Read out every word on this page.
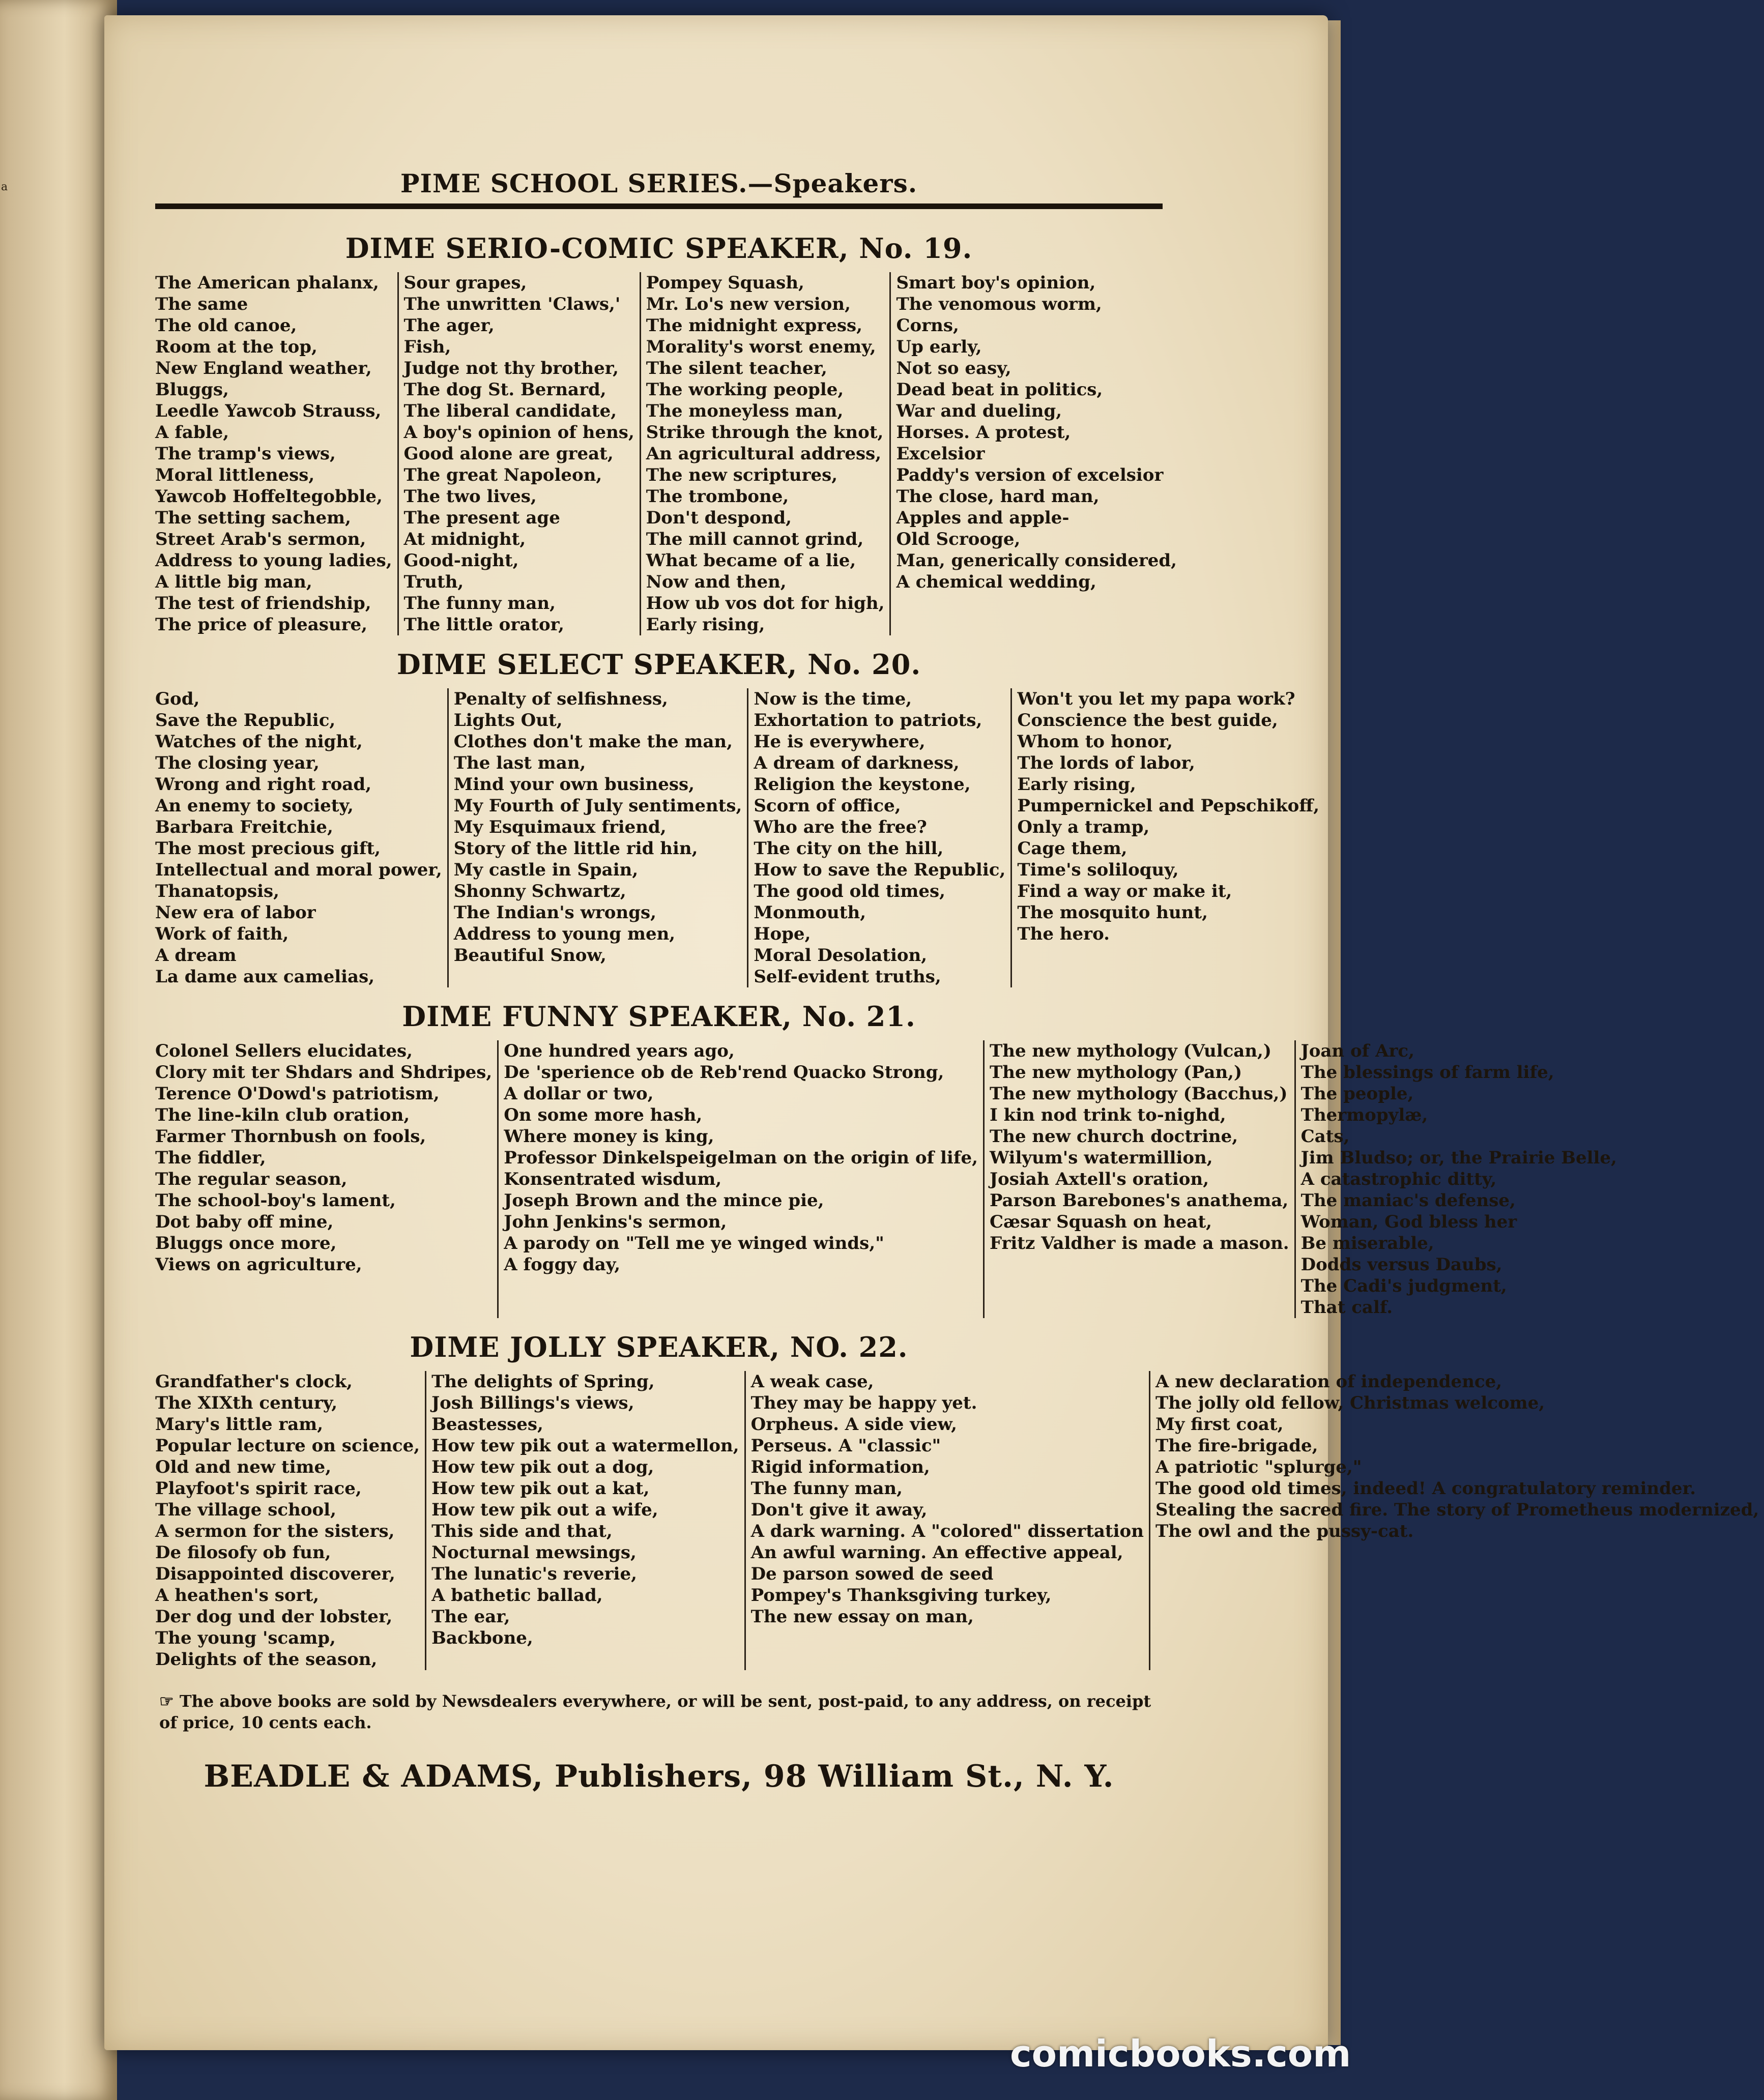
a	PIME SCHOOL SERIES.—Speakers.
DIME SERIO-COMIC SPEAKER, No. 19.
The American phalanx,
The same
The old canoe,
Room at the top,
New England weather,
Bluggs,
Leedle Yawcob Strauss,
A fable,
The tramp's views,
Moral littleness,
Yawcob Hoffeltegobble,
The setting sachem,
Street Arab's sermon,
Address to young ladies,
A little big man,
The test of friendship,
The price of pleasure,
Sour grapes,
The unwritten 'Claws,'
The ager,
Fish,
Judge not thy brother,
The dog St. Bernard,
The liberal candidate,
A boy's opinion of hens,
Good alone are great,
The great Napoleon,
The two lives,
The present age
At midnight,
Good-night,
Truth,
The funny man,
The little orator,
Pompey Squash,
Mr. Lo's new version,
The midnight express,
Morality's worst enemy,
The silent teacher,
The working people,
The moneyless man,
Strike through the knot,
An agricultural address,
The new scriptures,
The trombone,
Don't despond,
The mill cannot grind,
What became of a lie,
Now and then,
How ub vos dot for high,
Early rising,
Smart boy's opinion,
The venomous worm,
Corns,
Up early,
Not so easy,
Dead beat in politics,
War and dueling,
Horses. A protest,
Excelsior
Paddy's version of excelsior
The close, hard man,
Apples and apple-
Old Scrooge,
Man, generically considered,
A chemical wedding,
DIME SELECT SPEAKER, No. 20.
God,
Save the Republic,
Watches of the night,
The closing year,
Wrong and right road,
An enemy to society,
Barbara Freitchie,
The most precious gift,
Intellectual and moral power,
Thanatopsis,
New era of labor
Work of faith,
A dream
La dame aux camelias,
Penalty of selfishness,
Lights Out,
Clothes don't make the man,
The last man,
Mind your own business,
My Fourth of July sentiments,
My Esquimaux friend,
Story of the little rid hin,
My castle in Spain,
Shonny Schwartz,
The Indian's wrongs,
Address to young men,
Beautiful Snow,
Now is the time,
Exhortation to patriots,
He is everywhere,
A dream of darkness,
Religion the keystone,
Scorn of office,
Who are the free?
The city on the hill,
How to save the Republic,
The good old times,
Monmouth,
Hope,
Moral Desolation,
Self-evident truths,
Won't you let my papa work?
Conscience the best guide,
Whom to honor,
The lords of labor,
Early rising,
Pumpernickel and Pepschikoff,
Only a tramp,
Cage them,
Time's soliloquy,
Find a way or make it,
The mosquito hunt,
The hero.
DIME FUNNY SPEAKER, No. 21.
Colonel Sellers elucidates,
Clory mit ter Shdars and Shdripes,
Terence O'Dowd's patriotism,
The line-kiln club oration,
Farmer Thornbush on fools,
The fiddler,
The regular season,
The school-boy's lament,
Dot baby off mine,
Bluggs once more,
Views on agriculture,
One hundred years ago,
De 'sperience ob de Reb'rend Quacko Strong,
A dollar or two,
On some more hash,
Where money is king,
Professor Dinkelspeigelman on the origin of life,
Konsentrated wisdum,
Joseph Brown and the mince pie,
John Jenkins's sermon,
A parody on "Tell me ye winged winds,"
A foggy day,
The new mythology (Vulcan,)
The new mythology (Pan,)
The new mythology (Bacchus,)
I kin nod trink to-nighd,
The new church doctrine,
Wilyum's watermillion,
Josiah Axtell's oration,
Parson Barebones's anathema,
Cæsar Squash on heat,
Fritz Valdher is made a mason.
Joan of Arc,
The blessings of farm life,
The people,
Thermopylæ,
Cats,
Jim Bludso; or, the Prairie Belle,
A catastrophic ditty,
The maniac's defense,
Woman, God bless her
Be miserable,
Dodds versus Daubs,
The Cadi's judgment,
That calf.
DIME JOLLY SPEAKER, NO. 22.
Grandfather's clock,
The XIXth century,
Mary's little ram,
Popular lecture on science,
Old and new time,
Playfoot's spirit race,
The village school,
A sermon for the sisters,
De filosofy ob fun,
Disappointed discoverer,
A heathen's sort,
Der dog und der lobster,
The young 'scamp,
Delights of the season,
The delights of Spring,
Josh Billings's views,
Beastesses,
How tew pik out a watermellon,
How tew pik out a dog,
How tew pik out a kat,
How tew pik out a wife,
This side and that,
Nocturnal mewsings,
The lunatic's reverie,
A bathetic ballad,
The ear,
Backbone,
A weak case,
They may be happy yet.
Orpheus. A side view,
Perseus. A "classic"
Rigid information,
The funny man,
Don't give it away,
A dark warning. A "colored" dissertation
An awful warning. An effective appeal,
De parson sowed de seed
Pompey's Thanksgiving turkey,
The new essay on man,
A new declaration of independence,
The jolly old fellow, Christmas welcome,
My first coat,
The fire-brigade,
A patriotic "splurge,"
The good old times, indeed! A congratulatory reminder.
Stealing the sacred fire. The story of Prometheus modernized,
The owl and the pussy-cat.
☞ The above books are sold by Newsdealers everywhere, or will be sent, post-paid, to any address, on receipt of price, 10 cents each.
BEADLE & ADAMS, Publishers, 98 William St., N. Y.
comicbooks.com
